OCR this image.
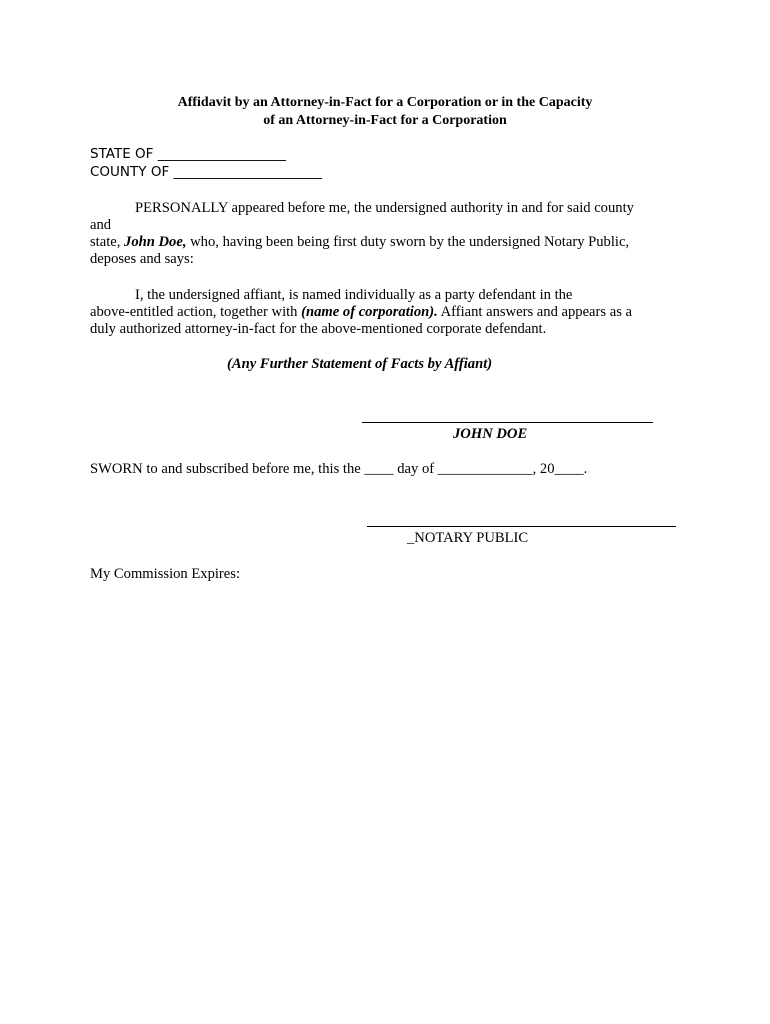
Affidavit by an Attorney-in-Fact for a Corporation or in the Capacity
of an Attorney-in-Fact for a Corporation
STATE OF ___________________
COUNTY OF ______________________
PERSONALLY appeared before me, the undersigned authority in and for said county
and
state, John Doe, who, having been being first duty sworn by the undersigned Notary Public,
deposes and says:
I, the undersigned affiant, is named individually as a party defendant in the
above-entitled action, together with (name of corporation). Affiant answers and appears as a
duly authorized attorney-in-fact for the above-mentioned corporate defendant.
(Any Further Statement of Facts by Affiant)
JOHN DOE
SWORN to and subscribed before me, this the ____ day of _____________, 20____.
_NOTARY PUBLIC
My Commission Expires:
